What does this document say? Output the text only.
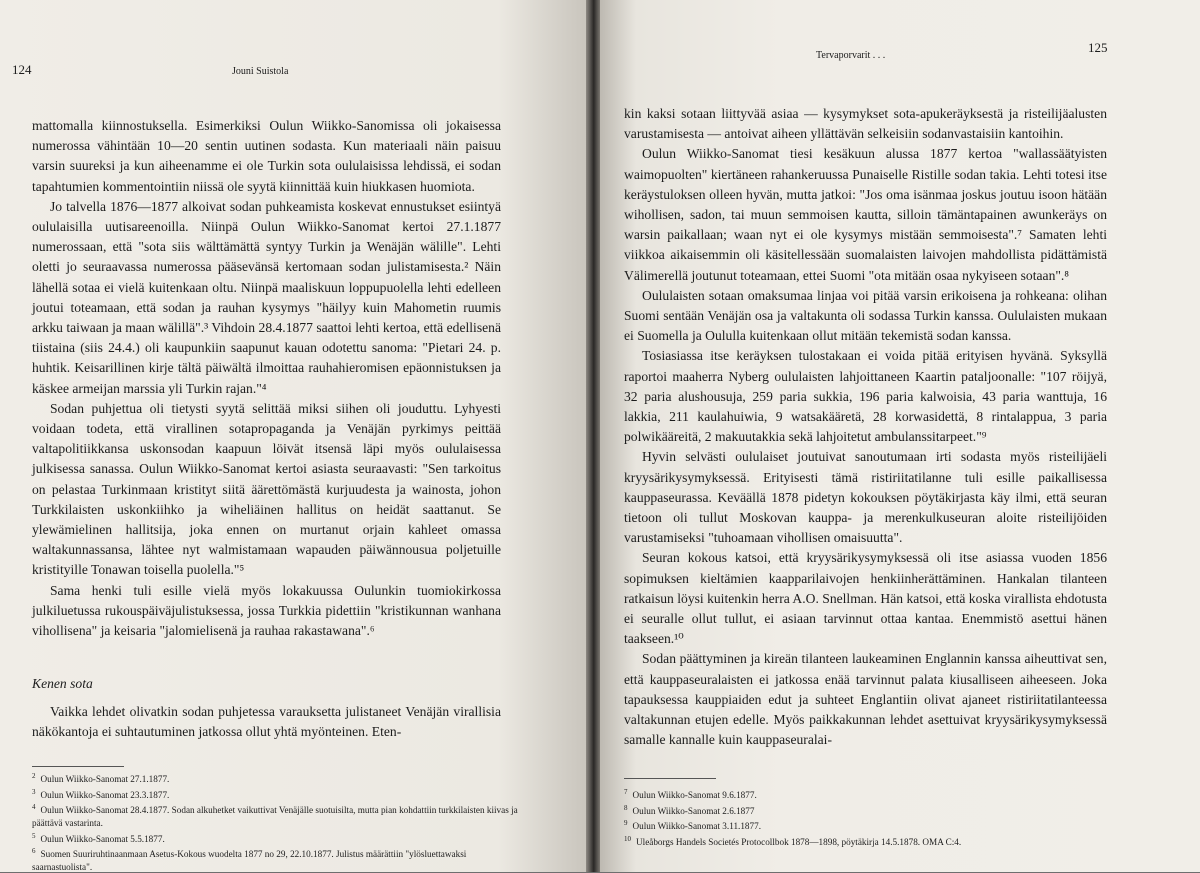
124	Jouni Suistola

mattomalla kiinnostuksella. Esimerkiksi Oulun Wiikko-Sanomissa oli jokaisessa numerossa vähintään 10—20 sentin uutinen sodasta. Kun materiaali näin paisuu varsin suureksi ja kun aiheenamme ei ole Turkin sota oululaisissa lehdissä, ei sodan tapahtumien kommentointiin niissä ole syytä kiinnittää kuin hiukkasen huomiota.

Jo talvella 1876—1877 alkoivat sodan puhkeamista koskevat ennustukset esiintyä oululaisilla uutisareenoilla. Niinpä Oulun Wiikko-Sanomat kertoi 27.1.1877 numerossaan, että "sota siis wälttämättä syntyy Turkin ja Wenäjän wälille". Lehti oletti jo seuraavassa numerossa pääsevänsä kertomaan sodan julistamisesta.² Näin lähellä sotaa ei vielä kuitenkaan oltu. Niinpä maaliskuun loppupuolella lehti edelleen joutui toteamaan, että sodan ja rauhan kysymys "häilyy kuin Mahometin ruumis arkku taiwaan ja maan wälillä".³ Vihdoin 28.4.1877 saattoi lehti kertoa, että edellisenä tiistaina (siis 24.4.) oli kaupunkiin saapunut kauan odotettu sanoma: "Pietari 24. p. huhtik. Keisarillinen kirje tältä päiwältä ilmoittaa rauhahieromisen epäonnistuksen ja käskee armeijan marssia yli Turkin rajan."⁴

Sodan puhjettua oli tietysti syytä selittää miksi siihen oli jouduttu. Lyhyesti voidaan todeta, että virallinen sotapropaganda ja Venäjän pyrkimys peittää valtapolitiikkansa uskonsodan kaapuun löivät itsensä läpi myös oululaisessa julkisessa sanassa. Oulun Wiikko-Sanomat kertoi asiasta seuraavasti: "Sen tarkoitus on pelastaa Turkinmaan kristityt siitä äärettömästä kurjuudesta ja wainosta, johon Turkkilaisten uskonkiihko ja wiheliäinen hallitus on heidät saattanut. Se ylewämielinen hallitsija, joka ennen on murtanut orjain kahleet omassa waltakunnassansa, lähtee nyt walmistamaan wapauden päiwännousua poljetuille kristityille Tonawan toisella puolella."⁵

Sama henki tuli esille vielä myös lokakuussa Oulunkin tuomiokirkossa julkiluetussa rukouspäiväjulistuksessa, jossa Turkkia pidettiin "kristikunnan wanhana vihollisena" ja keisaria "jalomielisenä ja rauhaa rakastawana".⁶

Kenen sota

Vaikka lehdet olivatkin sodan puhjetessa varauksetta julistaneet Venäjän virallisia näkökantoja ei suhtautuminen jatkossa ollut yhtä myönteinen. Eten-

$^2$ Oulun Wiikko-Sanomat 27.1.1877.

$^3$ Oulun Wiikko-Sanomat 23.3.1877.

$^4$ Oulun Wiikko-Sanomat 28.4.1877. Sodan alkuhetket vaikuttivat Venäjälle suotuisilta, mutta pian kohdattiin turkkilaisten kiivas ja päättävä vastarinta.

$^5$ Oulun Wiikko-Sanomat 5.5.1877.

$^6$ Suomen Suuriruhtinaanmaan Asetus-Kokous wuodelta 1877 no 29, 22.10.1877. Julistus määrättiin "ylösluettawaksi saarnastuolista".

Tervaporvarit . . .
125

kin kaksi sotaan liittyvää asiaa — kysymykset sota-apukeräyksestä ja risteilijäalusten varustamisesta — antoivat aiheen yllättävän selkeisiin sodanvastaisiin kantoihin.

Oulun Wiikko-Sanomat tiesi kesäkuun alussa 1877 kertoa "wallassäätyisten waimopuolten" kiertäneen rahankeruussa Punaiselle Ristille sodan takia. Lehti totesi itse keräystuloksen olleen hyvän, mutta jatkoi: "Jos oma isänmaa joskus joutuu isoon hätään wihollisen, sadon, tai muun semmoisen kautta, silloin tämäntapainen awunkeräys on warsin paikallaan; waan nyt ei ole kysymys mistään semmoisesta".⁷ Samaten lehti viikkoa aikaisemmin oli käsitellessään suomalaisten laivojen mahdollista pidättämistä Välimerellä joutunut toteamaan, ettei Suomi "ota mitään osaa nykyiseen sotaan".⁸

Oululaisten sotaan omaksumaa linjaa voi pitää varsin erikoisena ja rohkeana: olihan Suomi sentään Venäjän osa ja valtakunta oli sodassa Turkin kanssa. Oululaisten mukaan ei Suomella ja Oululla kuitenkaan ollut mitään tekemistä sodan kanssa.

Tosiasiassa itse keräyksen tulostakaan ei voida pitää erityisen hyvänä. Syksyllä raportoi maaherra Nyberg oululaisten lahjoittaneen Kaartin pataljoonalle: "107 röijyä, 32 paria alushousuja, 259 paria sukkia, 196 paria kalwoisia, 43 paria wanttuja, 16 lakkia, 211 kaulahuiwia, 9 watsakääretä, 28 korwasidettä, 8 rintalappua, 3 paria polwikääreitä, 2 makuutakkia sekä lahjoitetut ambulanssitarpeet."⁹

Hyvin selvästi oululaiset joutuivat sanoutumaan irti sodasta myös risteilijäeli kryysärikysymyksessä. Erityisesti tämä ristiriitatilanne tuli esille paikallisessa kauppaseurassa. Keväällä 1878 pidetyn kokouksen pöytäkirjasta käy ilmi, että seuran tietoon oli tullut Moskovan kauppa- ja merenkulkuseuran aloite risteilijöiden varustamiseksi "tuhoamaan vihollisen omaisuutta".

Seuran kokous katsoi, että kryysärikysymyksessä oli itse asiassa vuoden 1856 sopimuksen kieltämien kaapparilaivojen henkiinherättäminen. Hankalan tilanteen ratkaisun löysi kuitenkin herra A.O. Snellman. Hän katsoi, että koska virallista ehdotusta ei seuralle ollut tullut, ei asiaan tarvinnut ottaa kantaa. Enemmistö asettui hänen taakseen.¹⁰

Sodan päättyminen ja kireän tilanteen laukeaminen Englannin kanssa aiheuttivat sen, että kauppaseuralaisten ei jatkossa enää tarvinnut palata kiusalliseen aiheeseen. Joka tapauksessa kauppiaiden edut ja suhteet Englantiin olivat ajaneet ristiriitatilanteessa valtakunnan etujen edelle. Myös paikkakunnan lehdet asettuivat kryysärikysymyksessä samalle kannalle kuin kauppaseuralai-

$^7$ Oulun Wiikko-Sanomat 9.6.1877.

$^8$ Oulun Wiikko-Sanomat 2.6.1877

$^9$ Oulun Wiikko-Sanomat 3.11.1877.

$^{10}$ Uleåborgs Handels Societés Protocollbok 1878—1898, pöytäkirja 14.5.1878. OMA C:4.
